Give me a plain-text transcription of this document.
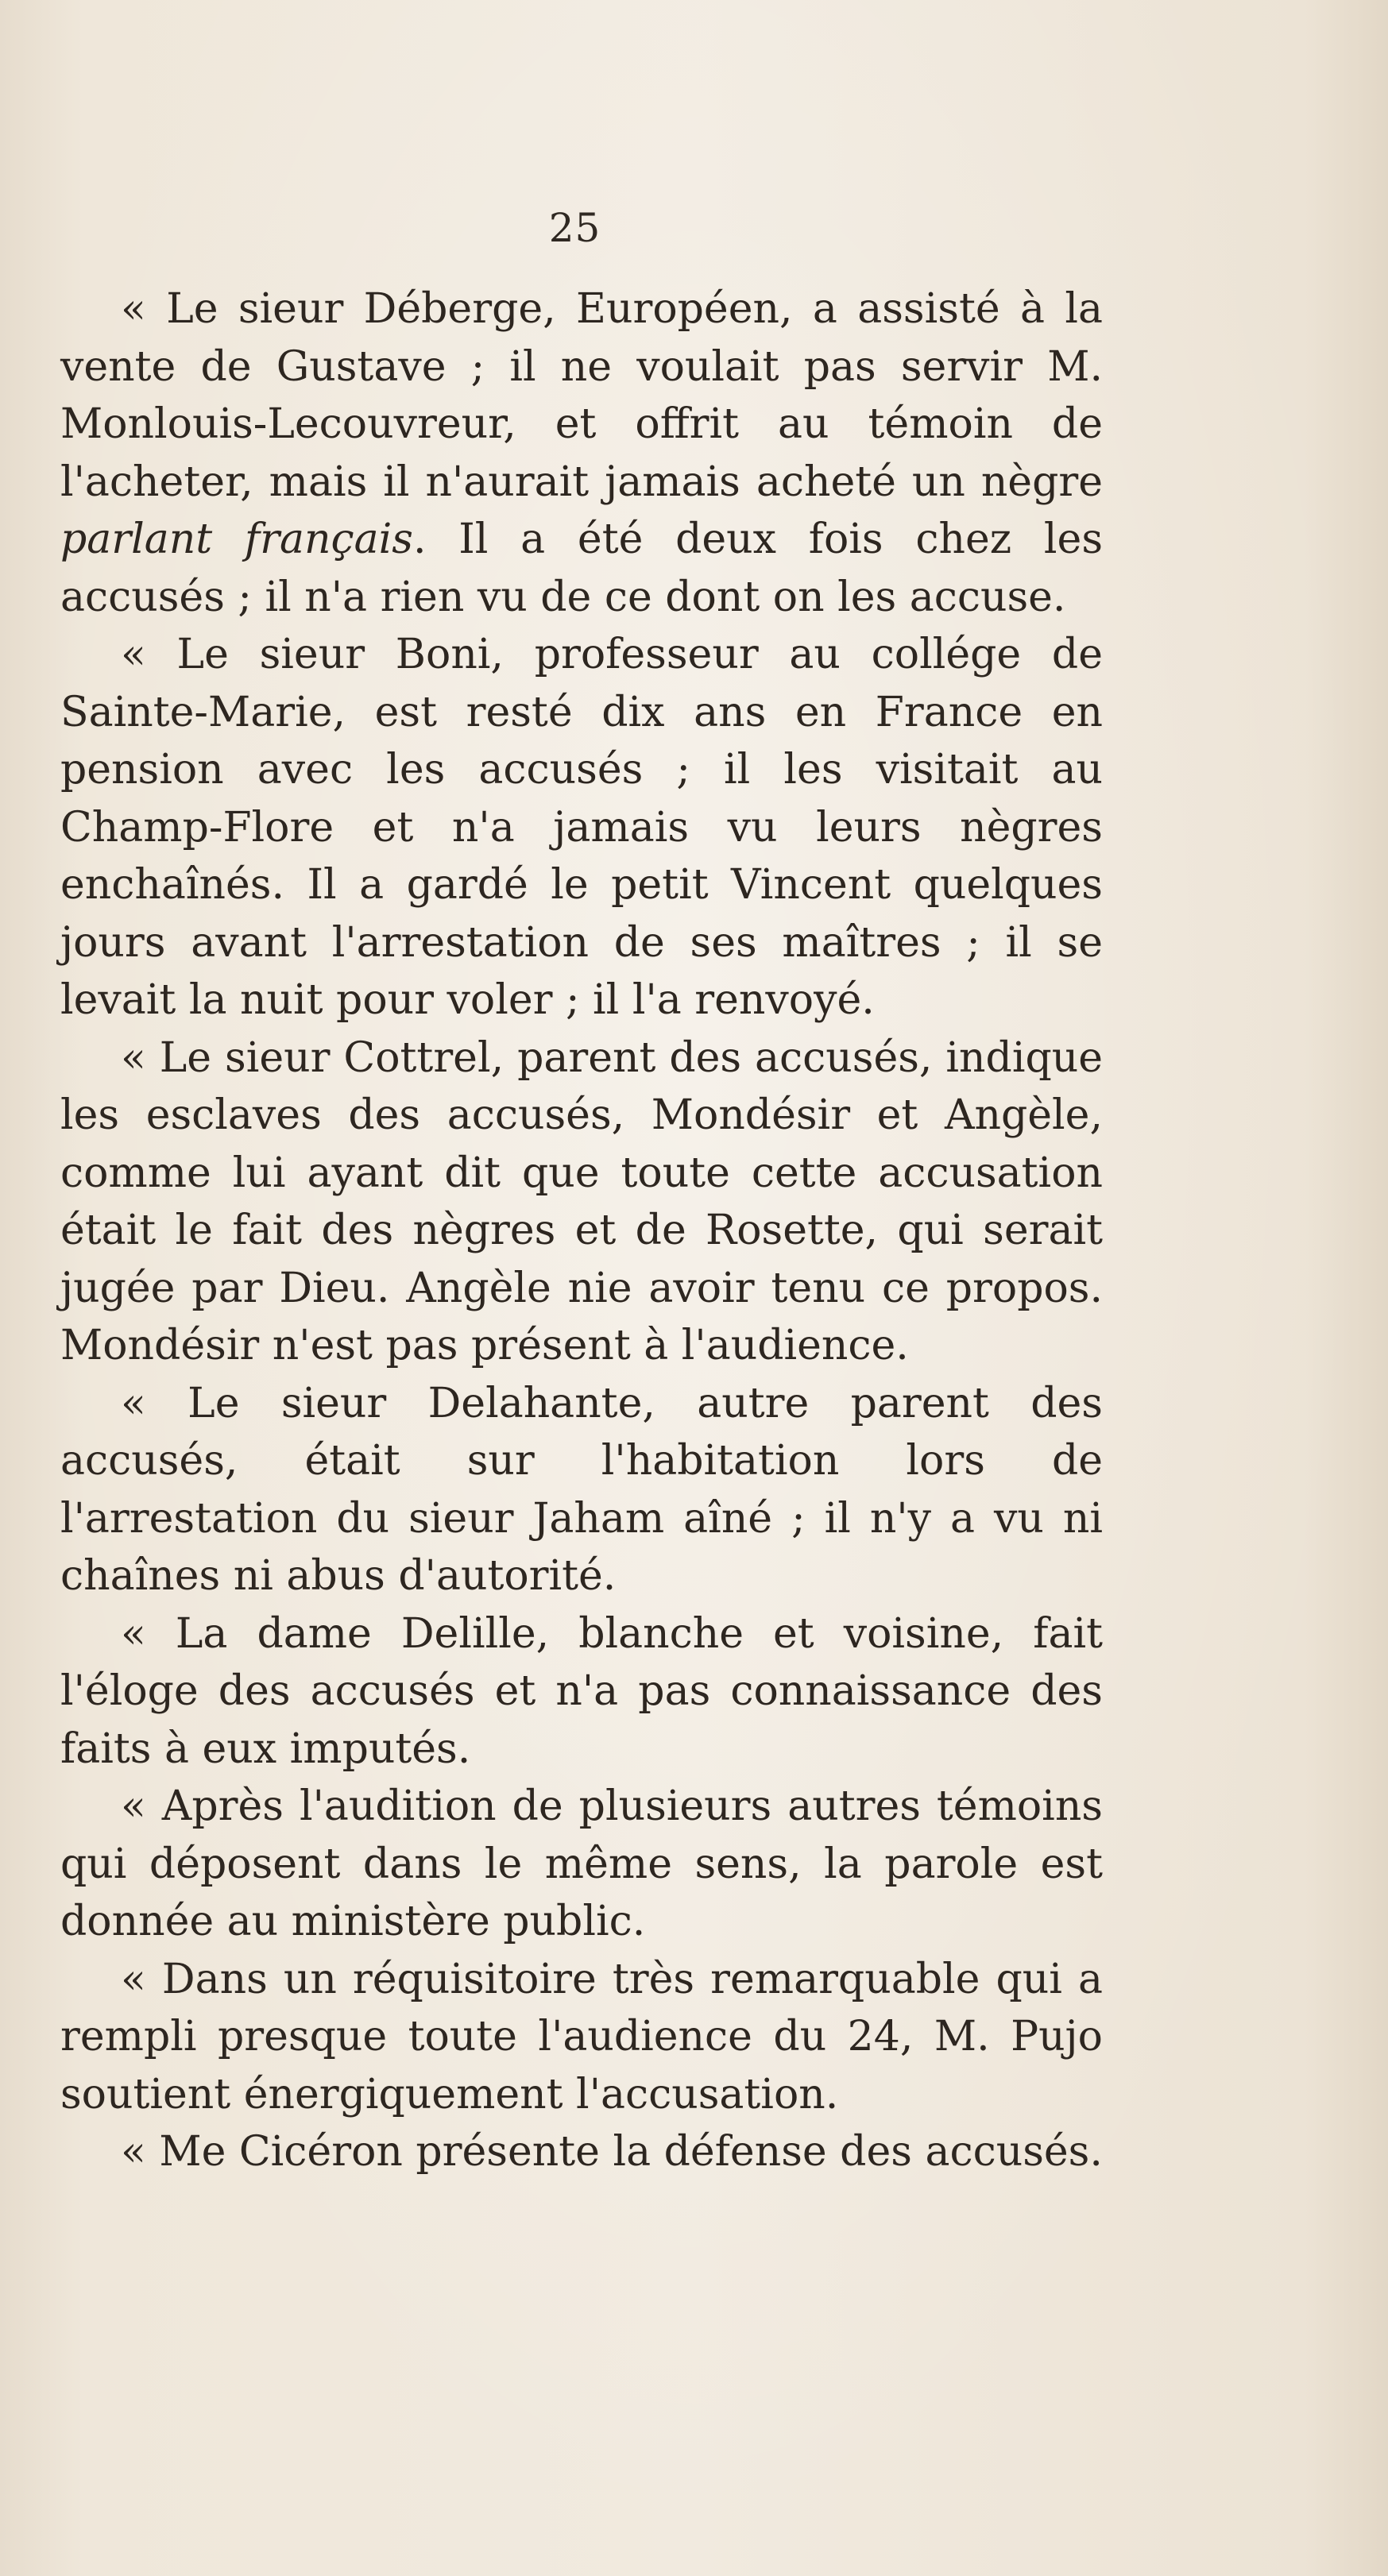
25

« Le sieur Déberge, Européen, a assisté à la vente de Gustave ; il ne voulait pas servir M. Monlouis-Lecouvreur, et offrit au témoin de l'acheter, mais il n'aurait jamais acheté un nègre parlant français. Il a été deux fois chez les accusés ; il n'a rien vu de ce dont on les accuse.

« Le sieur Boni, professeur au collége de Sainte-Marie, est resté dix ans en France en pension avec les accusés ; il les visitait au Champ-Flore et n'a jamais vu leurs nègres enchaînés. Il a gardé le petit Vincent quelques jours avant l'arrestation de ses maîtres ; il se levait la nuit pour voler ; il l'a renvoyé.

« Le sieur Cottrel, parent des accusés, indique les esclaves des accusés, Mondésir et Angèle, comme lui ayant dit que toute cette accusation était le fait des nègres et de Rosette, qui serait jugée par Dieu. Angèle nie avoir tenu ce propos. Mondésir n'est pas présent à l'audience.

« Le sieur Delahante, autre parent des accusés, était sur l'habitation lors de l'arrestation du sieur Jaham aîné ; il n'y a vu ni chaînes ni abus d'autorité.

« La dame Delille, blanche et voisine, fait l'éloge des accusés et n'a pas connaissance des faits à eux imputés.

« Après l'audition de plusieurs autres témoins qui déposent dans le même sens, la parole est donnée au ministère public.

« Dans un réquisitoire très remarquable qui a rempli presque toute l'audience du 24, M. Pujo soutient énergiquement l'accusation.

« Me Cicéron présente la défense des accusés.
